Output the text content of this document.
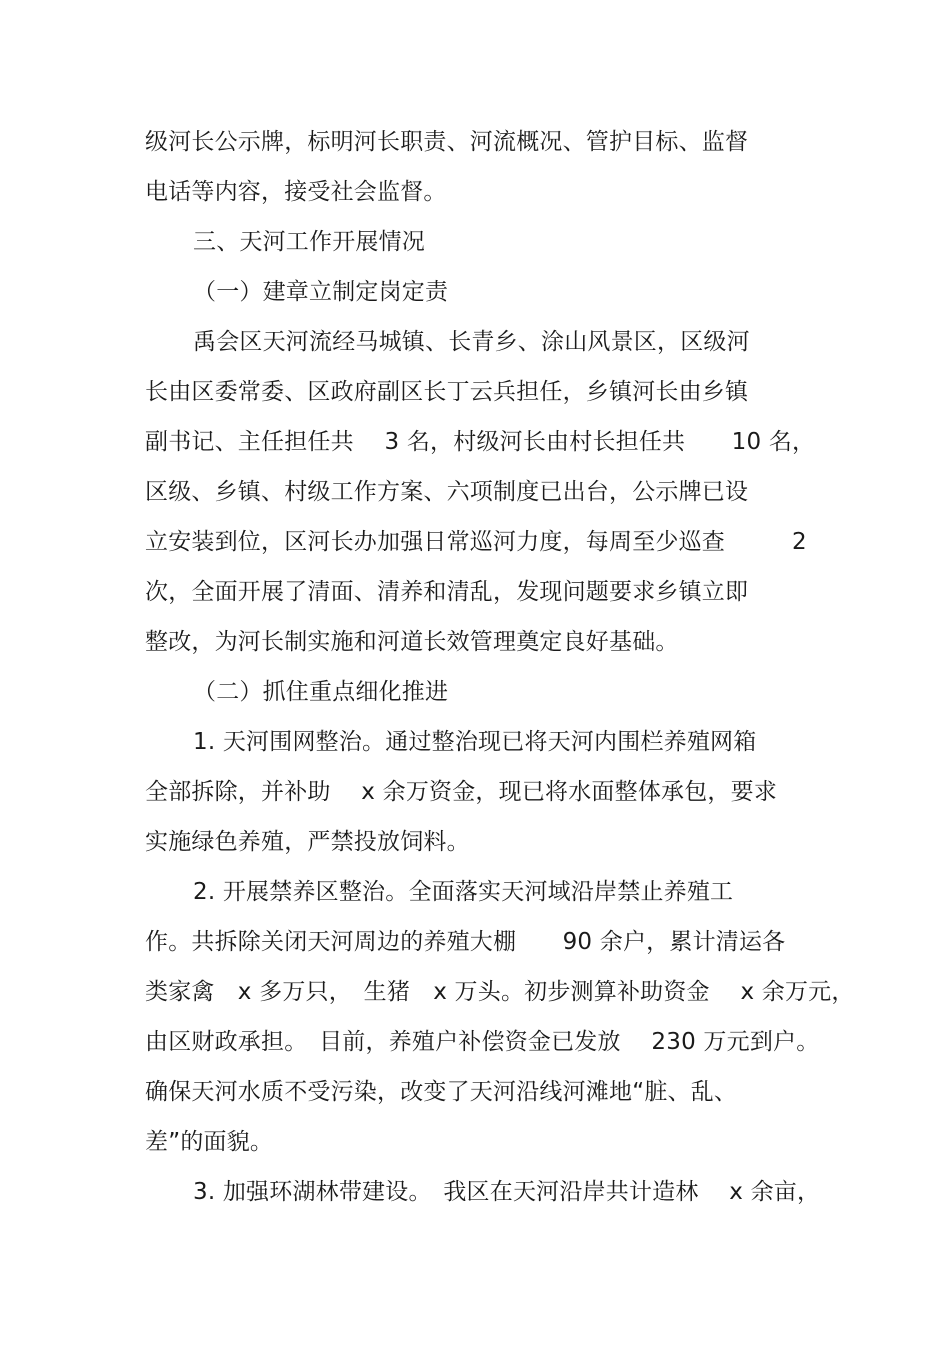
级河长公示牌，标明河长职责、河流概况、管护目标、监督
电话等内容，接受社会监督。
三、天河工作开展情况
（一）建章立制定岗定责
禹会区天河流经马城镇、长青乡、涂山风景区，区级河
长由区委常委、区政府副区长丁云兵担任，乡镇河长由乡镇
副书记、主任担任共　 3 名，村级河长由村长担任共　　10 名，
区级、乡镇、村级工作方案、六项制度已出台，公示牌已设
立安装到位，区河长办加强日常巡河力度，每周至少巡查	2
次，全面开展了清面、清养和清乱，发现问题要求乡镇立即
整改，为河长制实施和河道长效管理奠定良好基础。
（二）抓住重点细化推进
1. 天河围网整治。通过整治现已将天河内围栏养殖网箱
全部拆除，并补助　 x 余万资金，现已将水面整体承包，要求
实施绿色养殖，严禁投放饲料。
2. 开展禁养区整治。全面落实天河域沿岸禁止养殖工
作。共拆除关闭天河周边的养殖大棚　　90 余户，累计清运各
类家禽　x 多万只，　生猪　x 万头。初步测算补助资金　 x 余万元，
由区财政承担。　目前，养殖户补偿资金已发放　 230 万元到户。
确保天河水质不受污染，改变了天河沿线河滩地“脏、乱、
差”的面貌。
3. 加强环湖林带建设。　我区在天河沿岸共计造林　 x 余亩，
